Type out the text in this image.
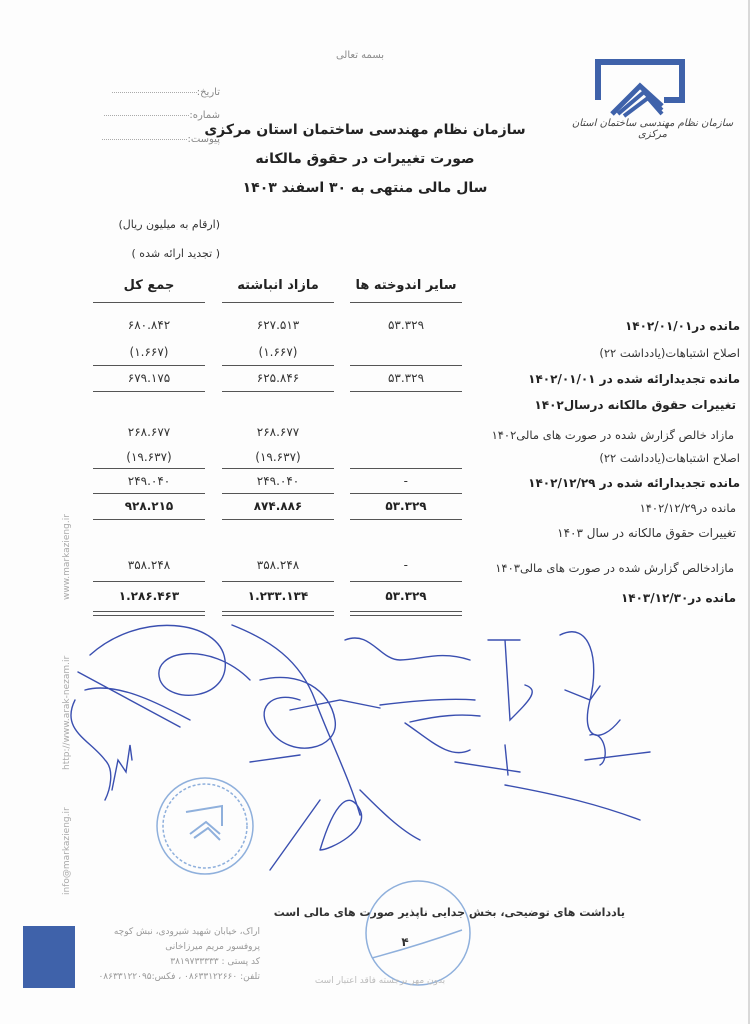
بسمه تعالی
سازمان نظام مهندسی ساختمان استان مرکزی
تاریخ:
شماره:
پیوست:
سازمان نظام مهندسی ساختمان استان مرکزی
صورت تغییرات در حقوق مالکانه
سال مالی منتهی به ۳۰ اسفند ۱۴۰۳
(ارقام به میلیون ریال)
( تجدید ارائه شده )
سایر اندوخته ها
مازاد انباشته
جمع کل
مانده در۱۴۰۲/۰۱/۰۱
۵۳.۳۲۹
۶۲۷.۵۱۳
۶۸۰.۸۴۲
اصلاح اشتباهات(یادداشت ۲۲)
(۱.۶۶۷)
(۱.۶۶۷)
مانده تجدیدارائه شده در ۱۴۰۲/۰۱/۰۱
۵۳.۳۲۹
۶۲۵.۸۴۶
۶۷۹.۱۷۵
تغییرات حقوق مالکانه درسال۱۴۰۲
مازاد خالص گزارش شده در صورت های مالی۱۴۰۲
۲۶۸.۶۷۷
۲۶۸.۶۷۷
اصلاح اشتباهات(یادداشت ۲۲)
(۱۹.۶۳۷)
(۱۹.۶۳۷)
مانده تجدیدارائه شده در ۱۴۰۲/۱۲/۲۹
-
۲۴۹.۰۴۰
۲۴۹.۰۴۰
مانده در۱۴۰۲/۱۲/۲۹
۵۳.۳۲۹
۸۷۴.۸۸۶
۹۲۸.۲۱۵
تغییرات حقوق مالکانه در سال ۱۴۰۳
مازادخالص گزارش شده در صورت های مالی۱۴۰۳
-
۳۵۸.۲۴۸
۳۵۸.۲۴۸
مانده در۱۴۰۳/۱۲/۳۰
۵۳.۳۲۹
۱.۲۳۳.۱۳۴
۱.۲۸۶.۴۶۳
www.markazieng.ir
http://www.arak-nezam.ir
info@markazieng.ir
یادداشت های توضیحی، بخش جدایی ناپذیر صورت های مالی است
۴
بدون مهر برجسته فاقد اعتبار است
اراک، خیابان شهید شیرودی، نبش کوچه
پروفسور مریم میرزاخانی
کد پستی : ۳۸۱۹۷۳۳۳۳۳
تلفن: ۰۸۶۳۳۱۲۲۶۶۰ ، فکس:۰۸۶۳۳۱۲۲۰۹۵
